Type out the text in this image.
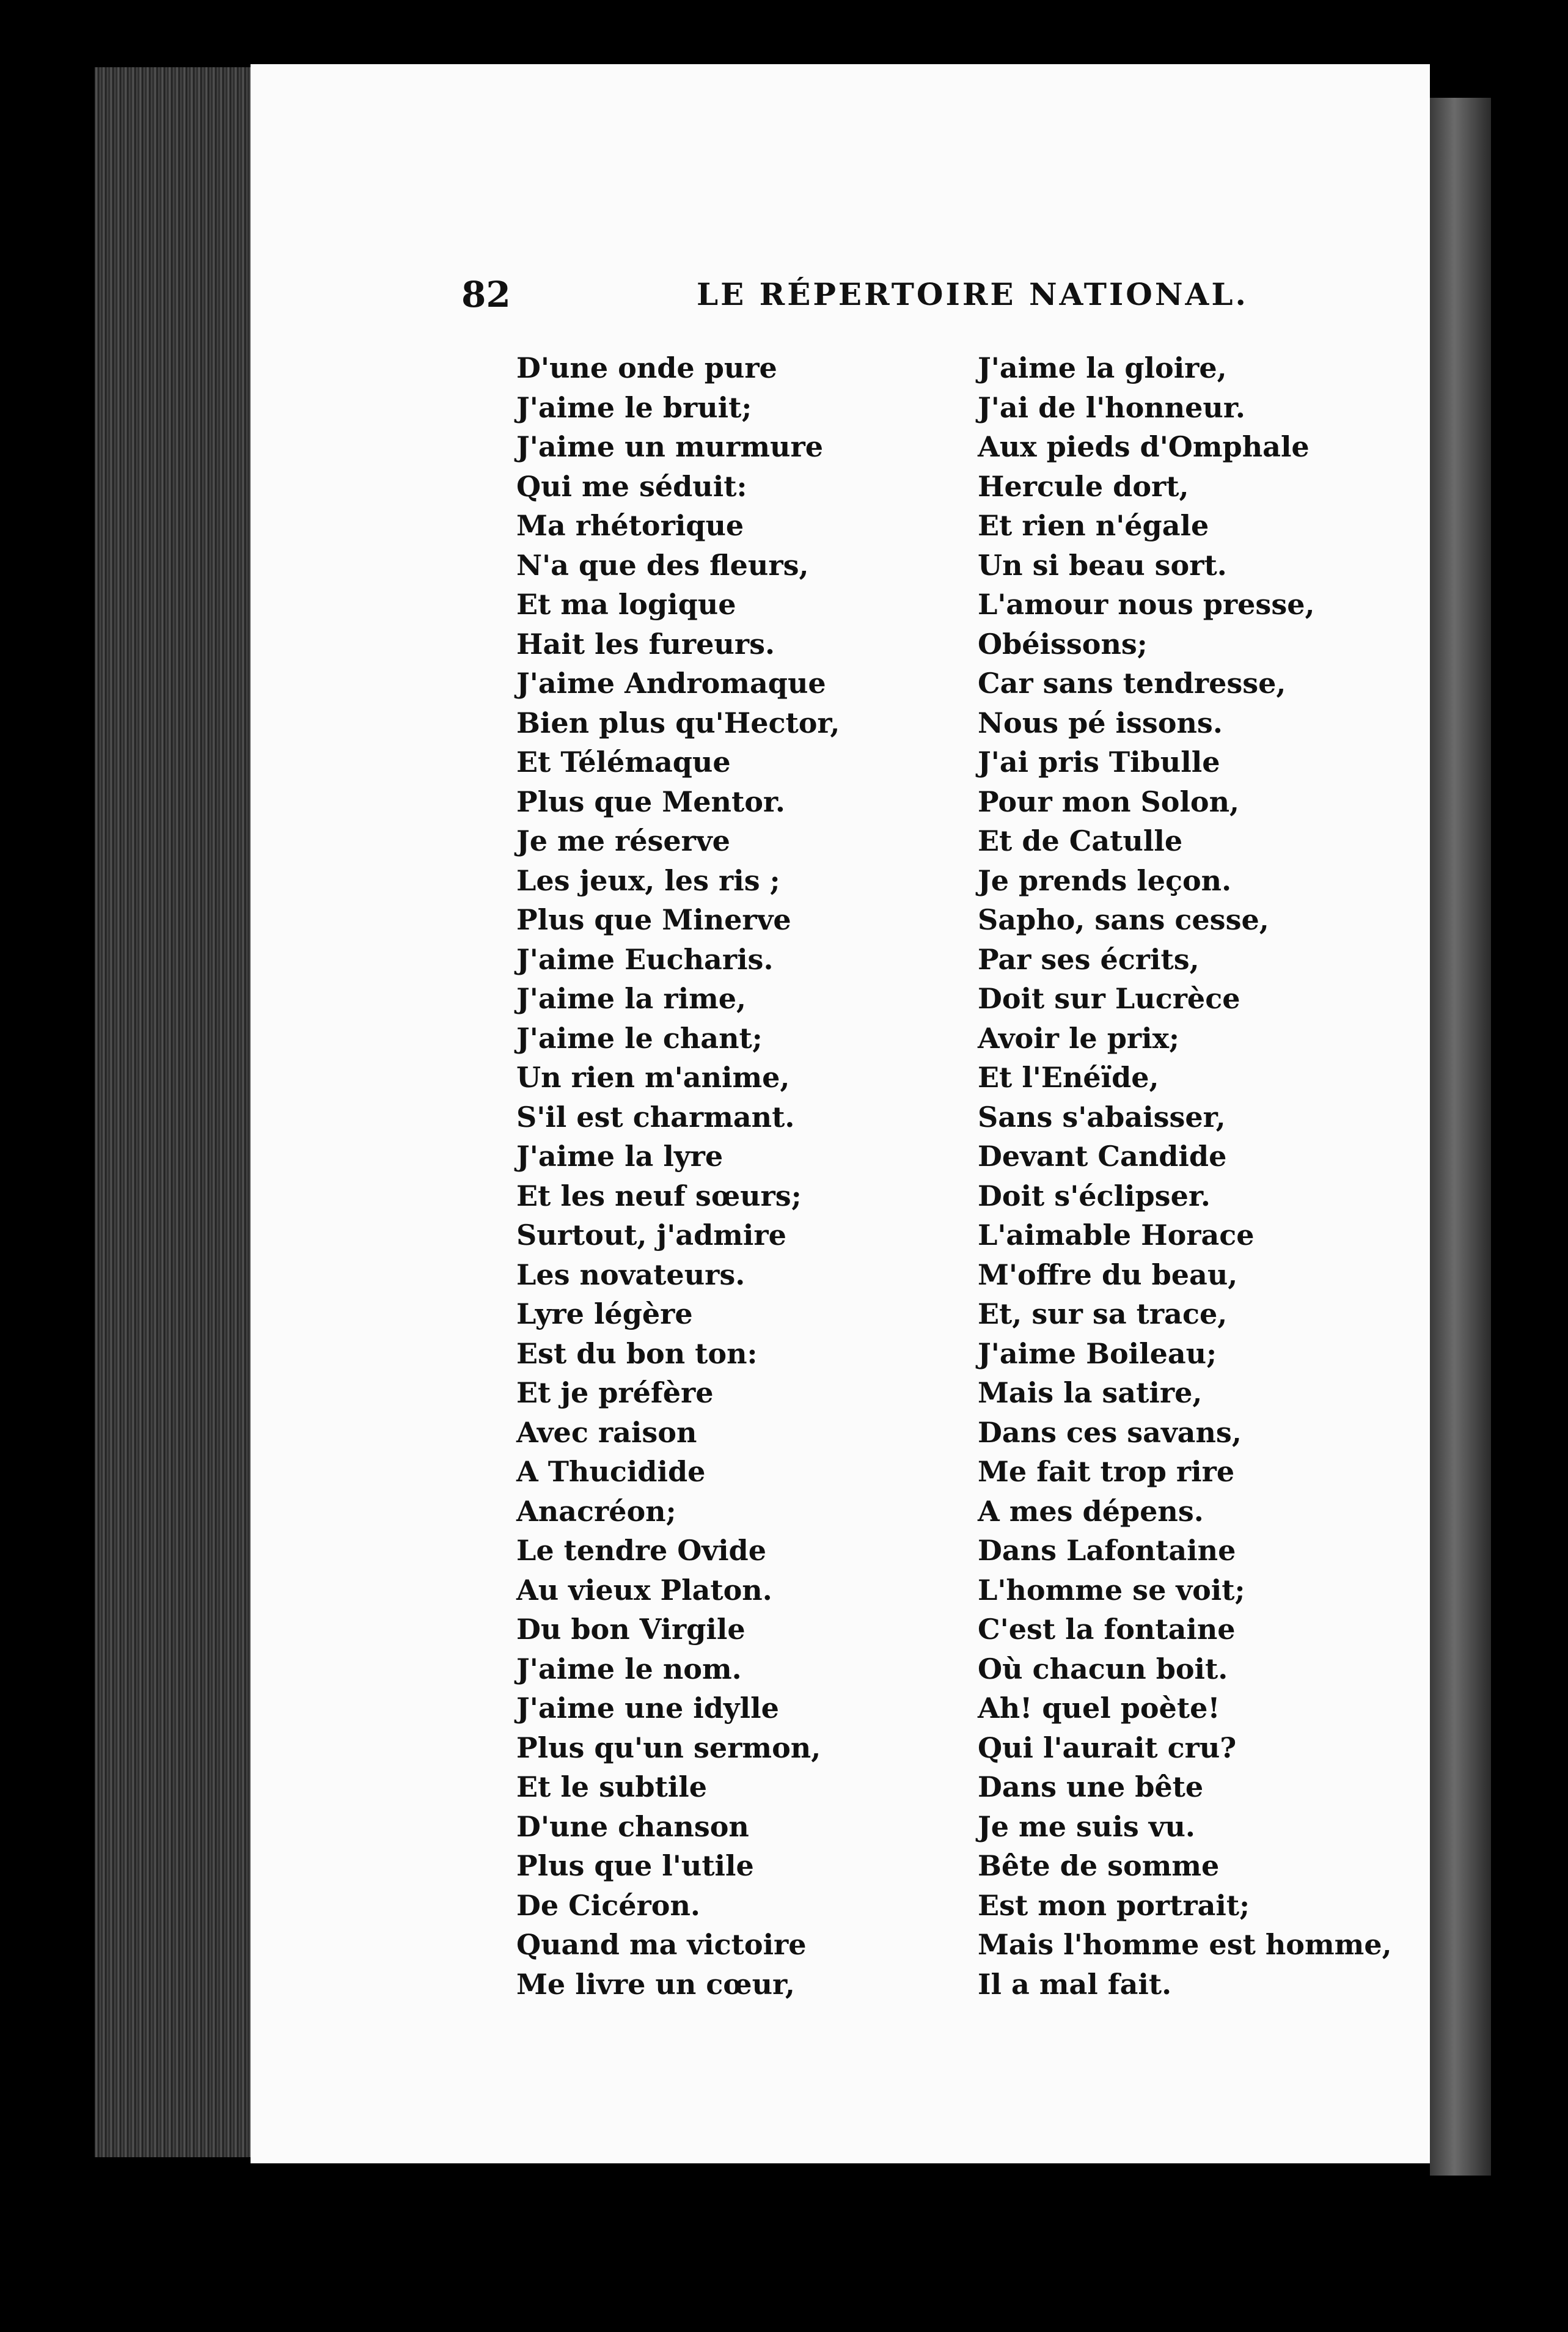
82	LE RÉPERTOIRE NATIONAL.
D'une onde pure
J'aime le bruit;
J'aime un murmure
Qui me séduit:
Ma rhétorique
N'a que des fleurs,
Et ma logique
Hait les fureurs.
J'aime Andromaque
Bien plus qu'Hector,
Et Télémaque
Plus que Mentor.
Je me réserve
Les jeux, les ris ;
Plus que Minerve
J'aime Eucharis.
J'aime la rime,
J'aime le chant;
Un rien m'anime,
S'il est charmant.
J'aime la lyre
Et les neuf sœurs;
Surtout, j'admire
Les novateurs.
Lyre légère
Est du bon ton:
Et je préfère
Avec raison
A Thucidide
Anacréon;
Le tendre Ovide
Au vieux Platon.
Du bon Virgile
J'aime le nom.
J'aime une idylle
Plus qu'un sermon,
Et le subtile
D'une chanson
Plus que l'utile
De Cicéron.
Quand ma victoire
Me livre un cœur,
J'aime la gloire,
J'ai de l'honneur.
Aux pieds d'Omphale
Hercule dort,
Et rien n'égale
Un si beau sort.
L'amour nous presse,
Obéissons;
Car sans tendresse,
Nous pé issons.
J'ai pris Tibulle
Pour mon Solon,
Et de Catulle
Je prends leçon.
Sapho, sans cesse,
Par ses écrits,
Doit sur Lucrèce
Avoir le prix;
Et l'Enéïde,
Sans s'abaisser,
Devant Candide
Doit s'éclipser.
L'aimable Horace
M'offre du beau,
Et, sur sa trace,
J'aime Boileau;
Mais la satire,
Dans ces savans,
Me fait trop rire
A mes dépens.
Dans Lafontaine
L'homme se voit;
C'est la fontaine
Où chacun boit.
Ah! quel poète!
Qui l'aurait cru?
Dans une bête
Je me suis vu.
Bête de somme
Est mon portrait;
Mais l'homme est homme,
Il a mal fait.
